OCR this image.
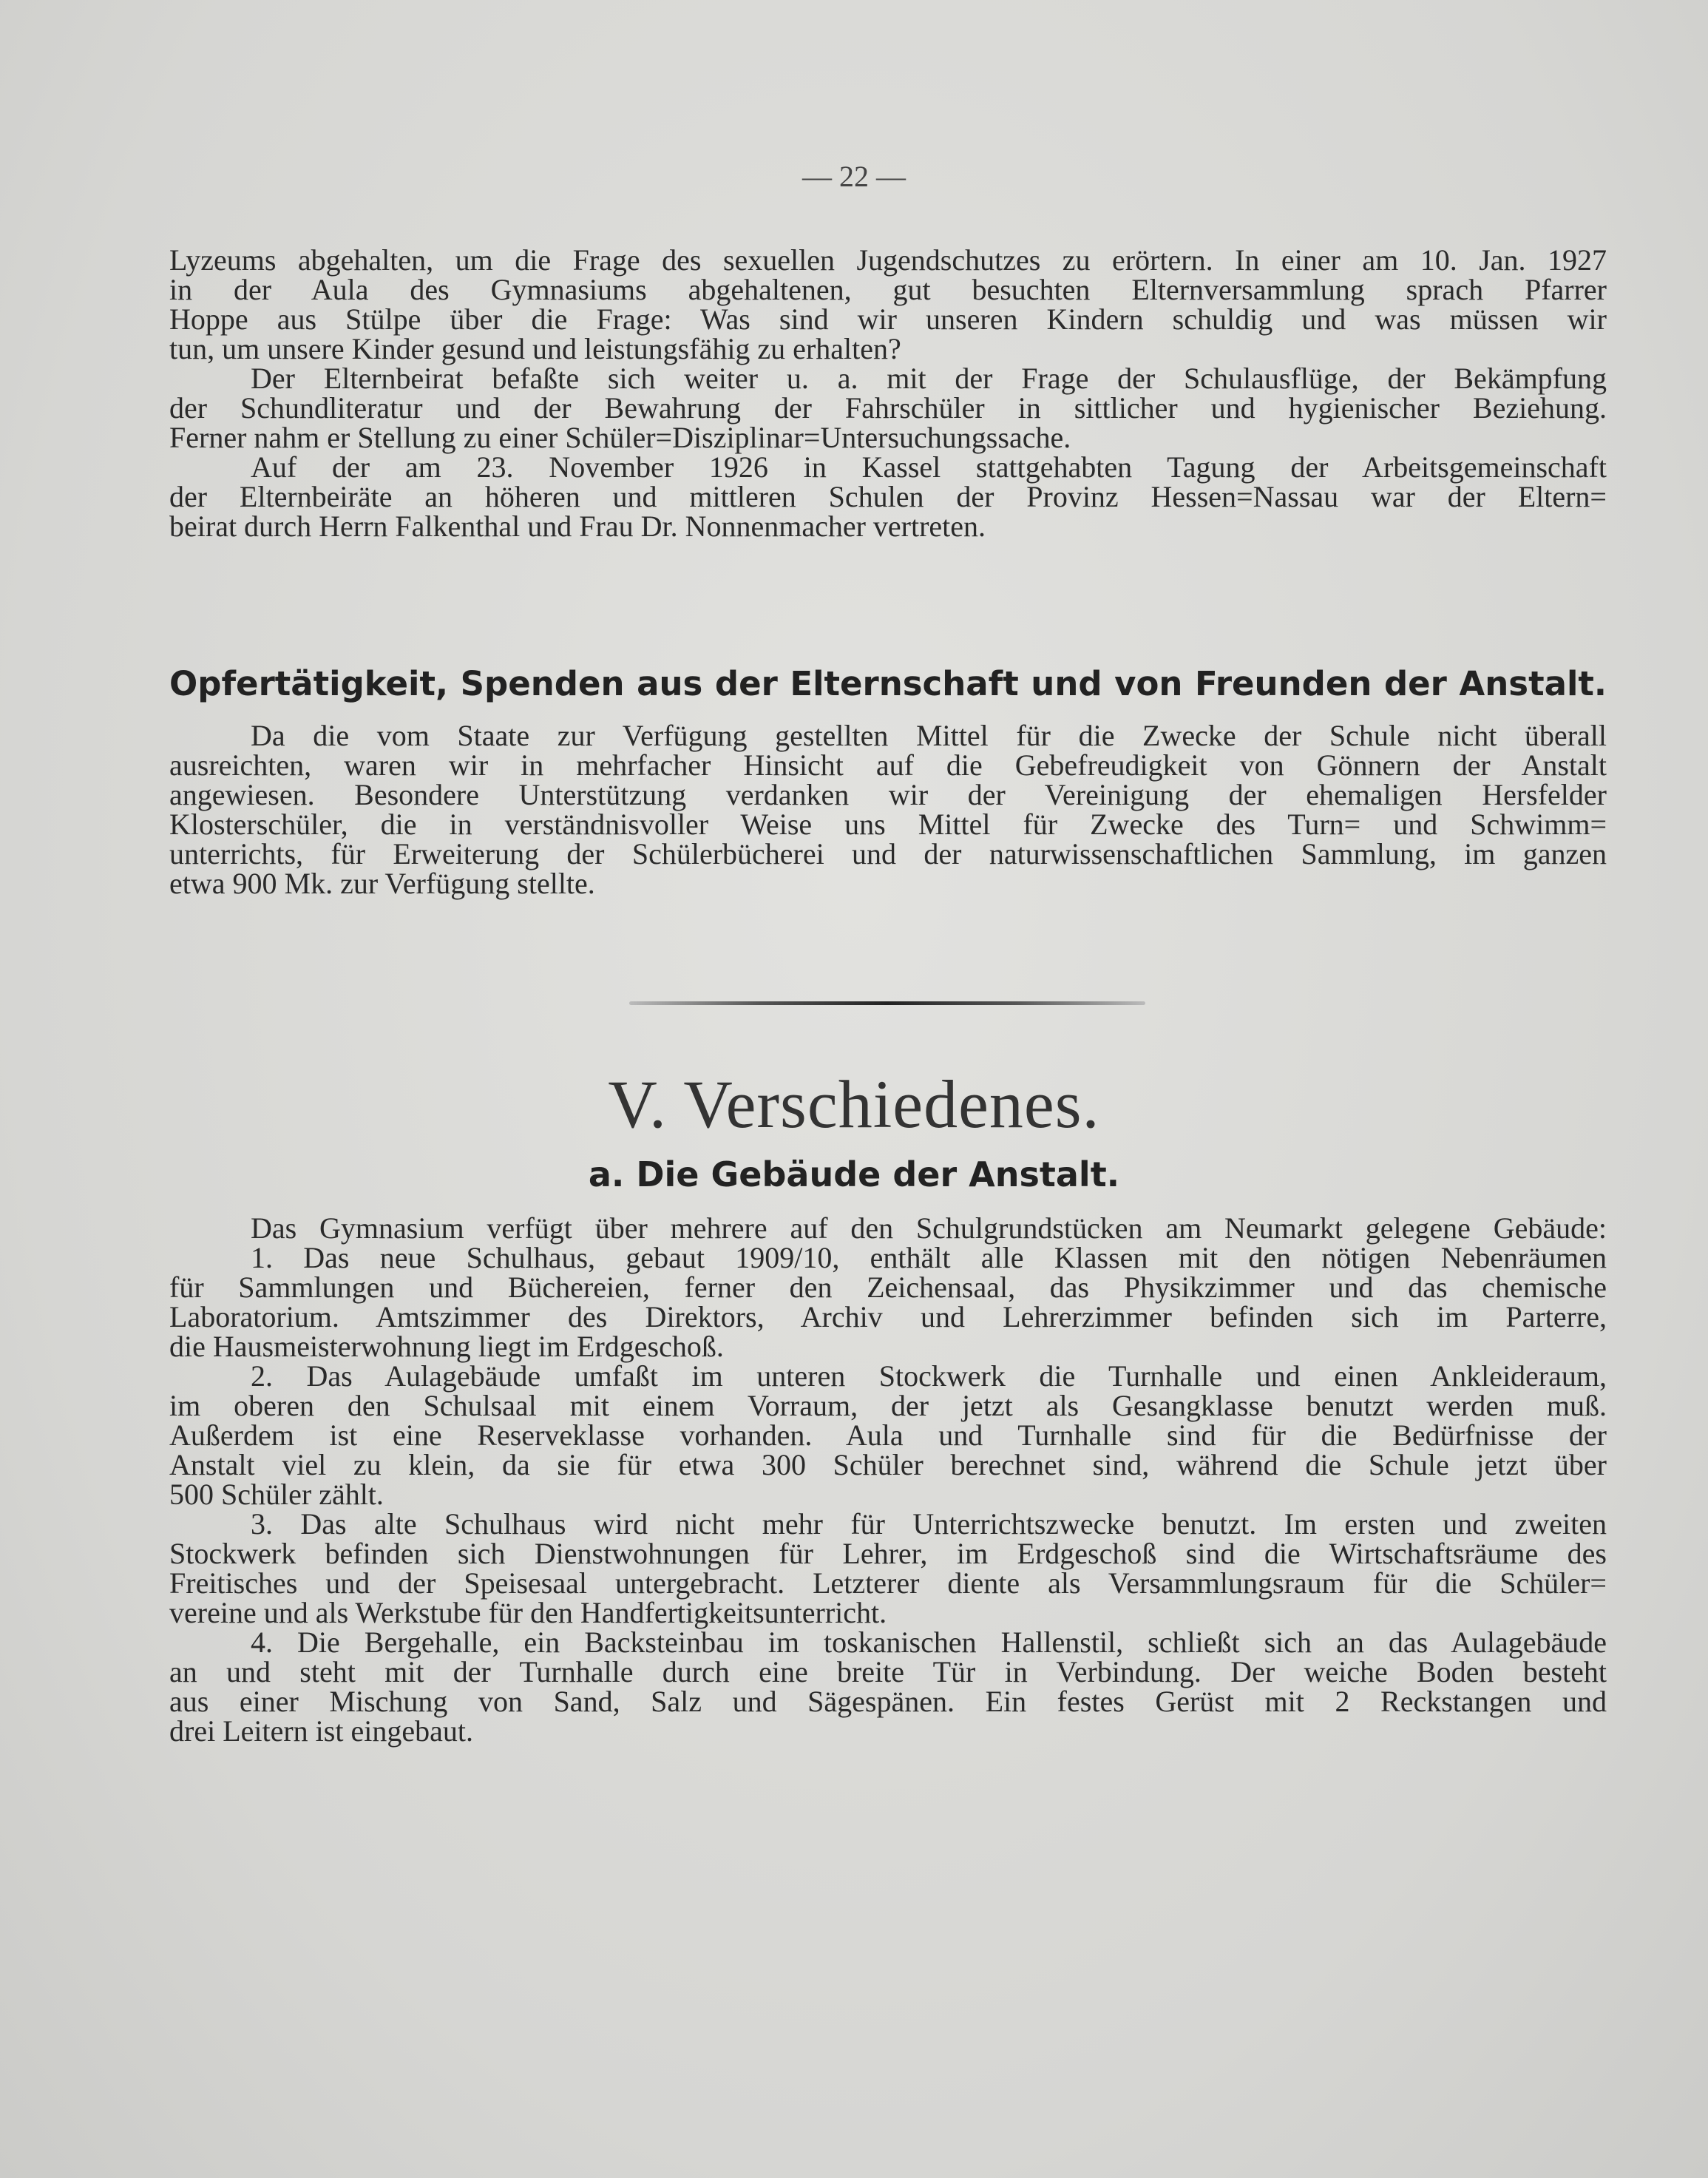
— 22 —
Lyzeums abgehalten, um die Frage des sexuellen Jugendschutzes zu erörtern. In einer am 10. Jan. 1927
in der Aula des Gymnasiums abgehaltenen, gut besuchten Elternversammlung sprach Pfarrer
Hoppe aus Stülpe über die Frage: Was sind wir unseren Kindern schuldig und was müssen wir
tun, um unsere Kinder gesund und leistungsfähig zu erhalten?
Der Elternbeirat befaßte sich weiter u. a. mit der Frage der Schulausflüge, der Bekämpfung
der Schundliteratur und der Bewahrung der Fahrschüler in sittlicher und hygienischer Beziehung.
Ferner nahm er Stellung zu einer Schüler=Disziplinar=Untersuchungssache.
Auf der am 23. November 1926 in Kassel stattgehabten Tagung der Arbeitsgemeinschaft
der Elternbeiräte an höheren und mittleren Schulen der Provinz Hessen=Nassau war der Eltern=
beirat durch Herrn Falkenthal und Frau Dr. Nonnenmacher vertreten.
Opfertätigkeit, Spenden aus der Elternschaft und von Freunden der Anstalt.
Da die vom Staate zur Verfügung gestellten Mittel für die Zwecke der Schule nicht überall
ausreichten, waren wir in mehrfacher Hinsicht auf die Gebefreudigkeit von Gönnern der Anstalt
angewiesen. Besondere Unterstützung verdanken wir der Vereinigung der ehemaligen Hersfelder
Klosterschüler, die in verständnisvoller Weise uns Mittel für Zwecke des Turn= und Schwimm=
unterrichts, für Erweiterung der Schülerbücherei und der naturwissenschaftlichen Sammlung, im ganzen
etwa 900 Mk. zur Verfügung stellte.
V. Verschiedenes.
a. Die Gebäude der Anstalt.
Das Gymnasium verfügt über mehrere auf den Schulgrundstücken am Neumarkt gelegene Gebäude:
1. Das neue Schulhaus, gebaut 1909/10, enthält alle Klassen mit den nötigen Nebenräumen
für Sammlungen und Büchereien, ferner den Zeichensaal, das Physikzimmer und das chemische
Laboratorium. Amtszimmer des Direktors, Archiv und Lehrerzimmer befinden sich im Parterre,
die Hausmeisterwohnung liegt im Erdgeschoß.
2. Das Aulagebäude umfaßt im unteren Stockwerk die Turnhalle und einen Ankleideraum,
im oberen den Schulsaal mit einem Vorraum, der jetzt als Gesangklasse benutzt werden muß.
Außerdem ist eine Reserveklasse vorhanden. Aula und Turnhalle sind für die Bedürfnisse der
Anstalt viel zu klein, da sie für etwa 300 Schüler berechnet sind, während die Schule jetzt über
500 Schüler zählt.
3. Das alte Schulhaus wird nicht mehr für Unterrichtszwecke benutzt. Im ersten und zweiten
Stockwerk befinden sich Dienstwohnungen für Lehrer, im Erdgeschoß sind die Wirtschaftsräume des
Freitisches und der Speisesaal untergebracht. Letzterer diente als Versammlungsraum für die Schüler=
vereine und als Werkstube für den Handfertigkeitsunterricht.
4. Die Bergehalle, ein Backsteinbau im toskanischen Hallenstil, schließt sich an das Aulagebäude
an und steht mit der Turnhalle durch eine breite Tür in Verbindung. Der weiche Boden besteht
aus einer Mischung von Sand, Salz und Sägespänen. Ein festes Gerüst mit 2 Reckstangen und
drei Leitern ist eingebaut.
